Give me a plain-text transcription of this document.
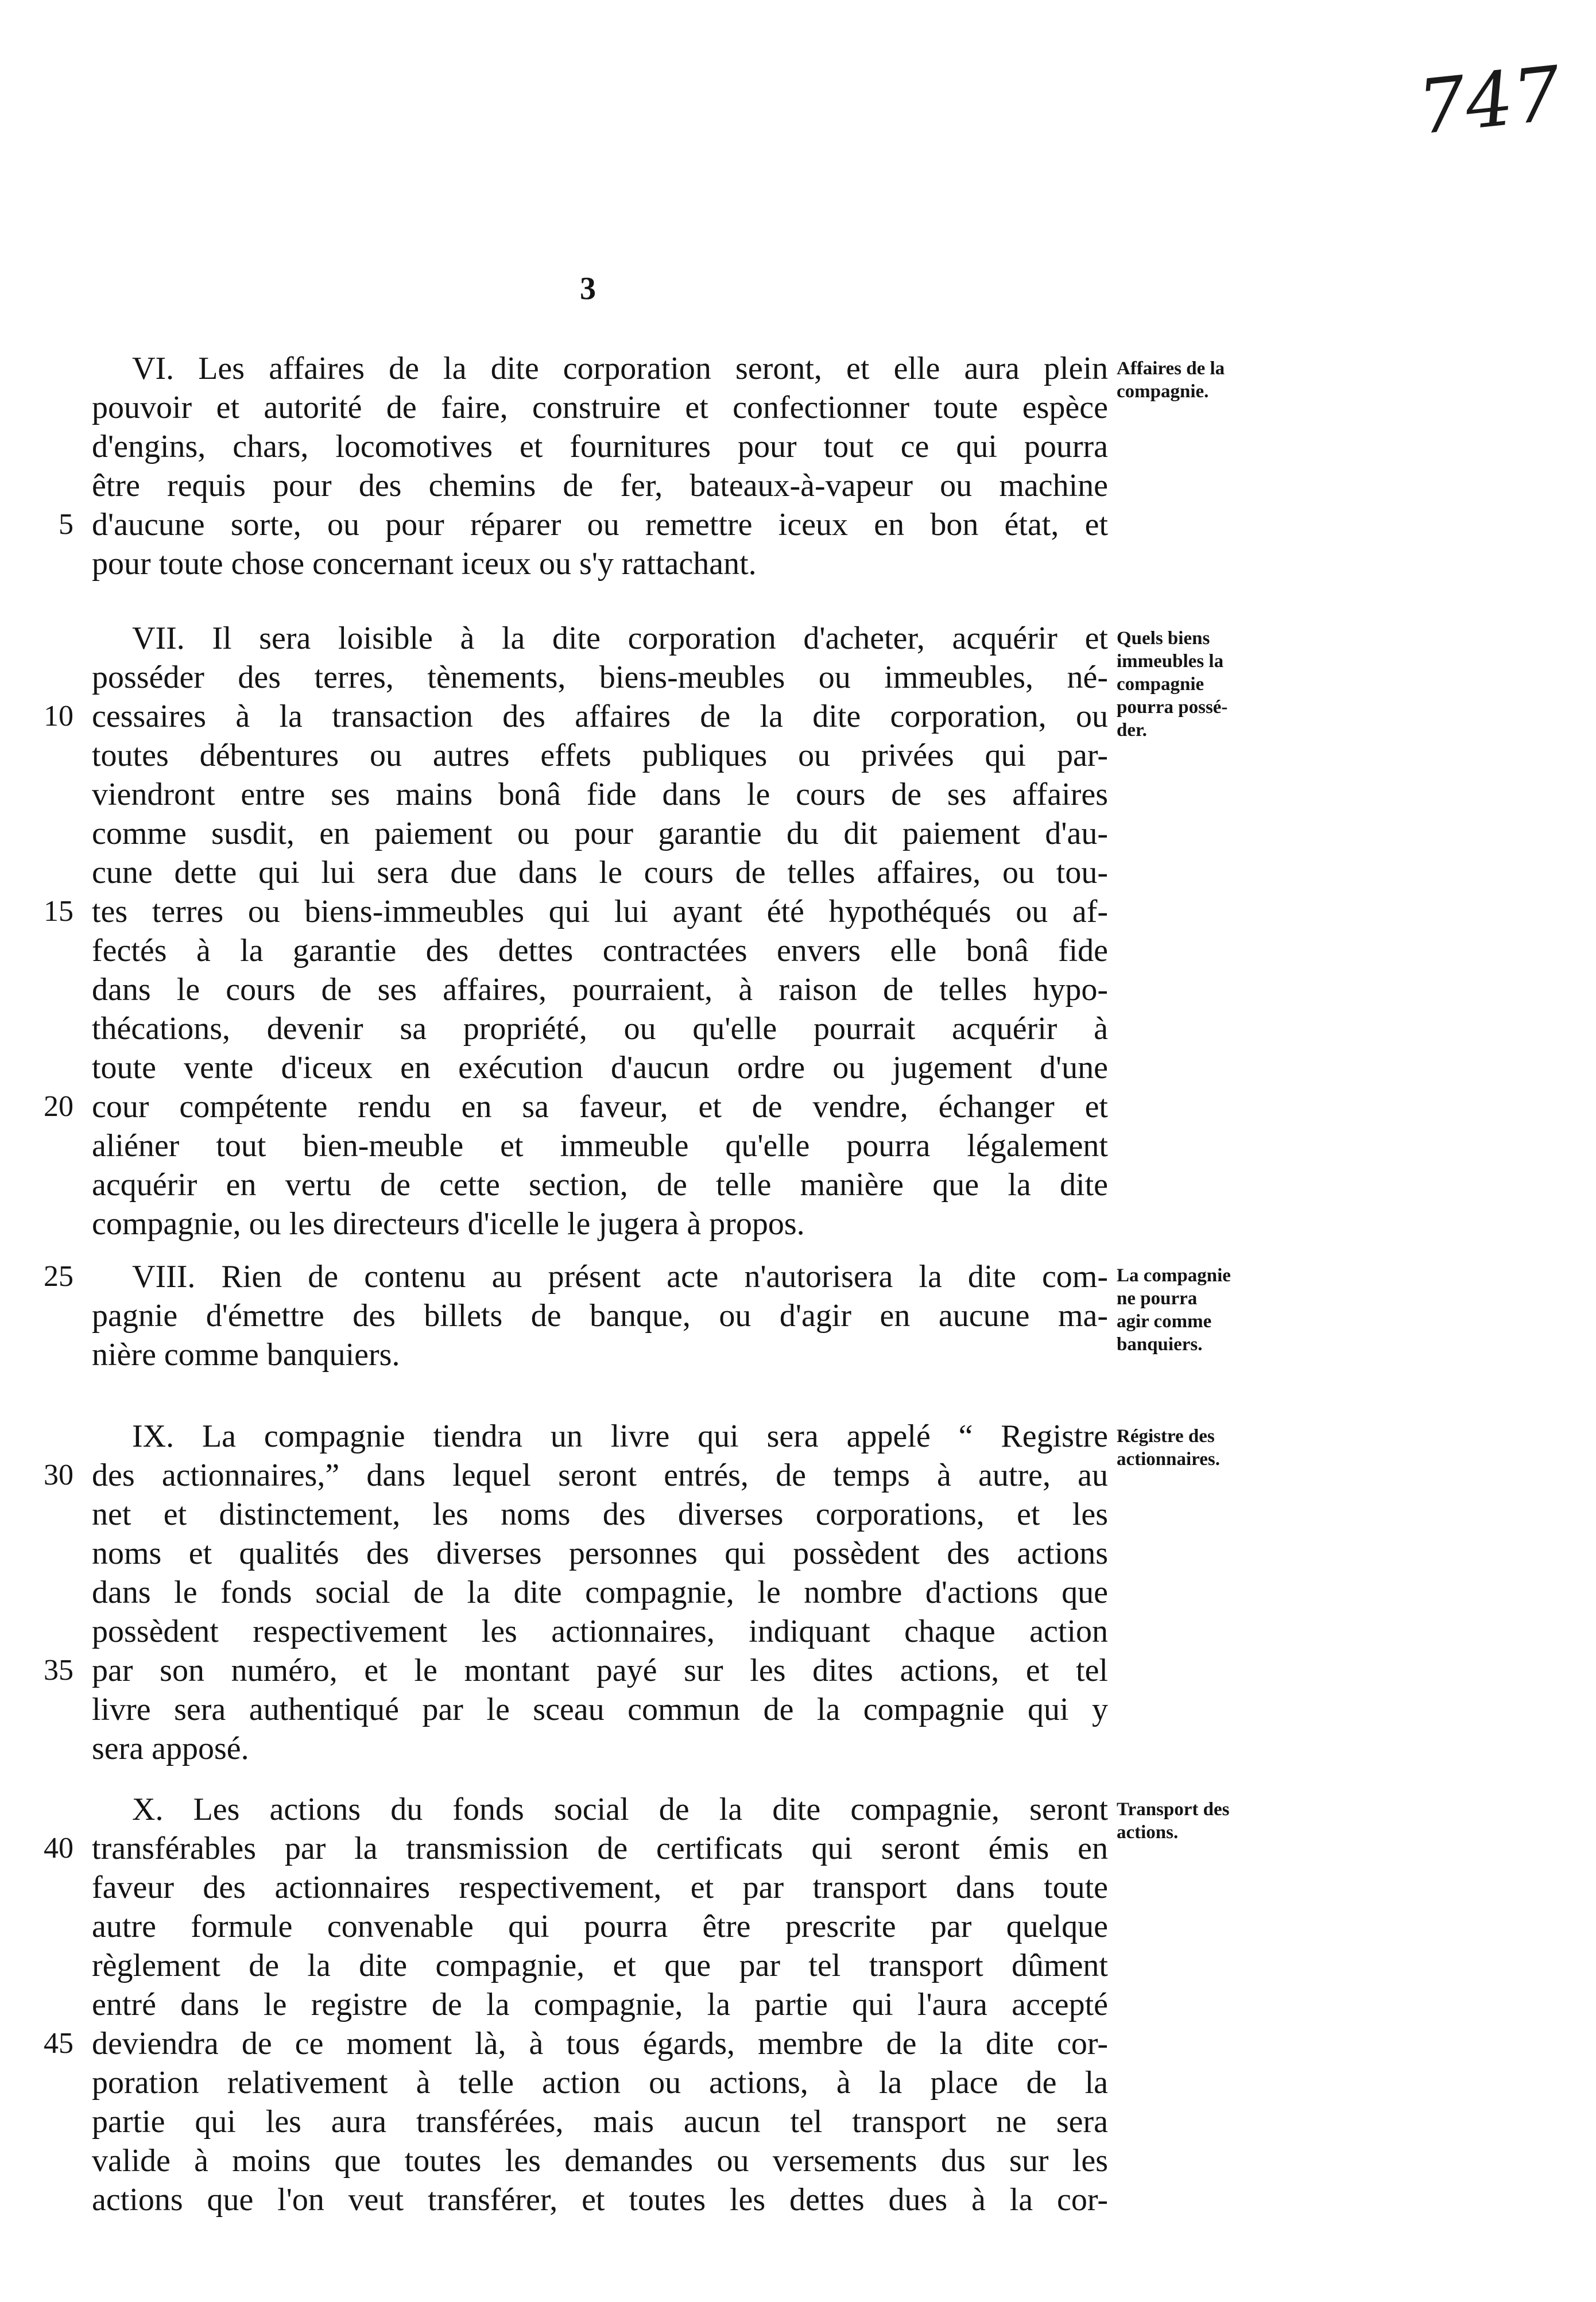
747
3
VI. Les affaires de la dite corporation seront, et elle aura plein
pouvoir et autorité de faire, construire et confectionner toute espèce
d'engins, chars, locomotives et fournitures pour tout ce qui pourra
être requis pour des chemins de fer, bateaux-à-vapeur ou machine
d'aucune sorte, ou pour réparer ou remettre iceux en bon état, et
5
pour toute chose concernant iceux ou s'y rattachant.
VII. Il sera loisible à la dite corporation d'acheter, acquérir et
posséder des terres, tènements, biens-meubles ou immeubles, né-
cessaires à la transaction des affaires de la dite corporation, ou
10
toutes débentures ou autres effets publiques ou privées qui par-
viendront entre ses mains bonâ fide dans le cours de ses affaires
comme susdit, en paiement ou pour garantie du dit paiement d'au-
cune dette qui lui sera due dans le cours de telles affaires, ou tou-
tes terres ou biens-immeubles qui lui ayant été hypothéqués ou af-
15
fectés à la garantie des dettes contractées envers elle bonâ fide
dans le cours de ses affaires, pourraient, à raison de telles hypo-
thécations, devenir sa propriété, ou qu'elle pourrait acquérir à
toute vente d'iceux en exécution d'aucun ordre ou jugement d'une
cour compétente rendu en sa faveur, et de vendre, échanger et
20
aliéner tout bien-meuble et immeuble qu'elle pourra légalement
acquérir en vertu de cette section, de telle manière que la dite
compagnie, ou les directeurs d'icelle le jugera à propos.
VIII. Rien de contenu au présent acte n'autorisera la dite com-
25
pagnie d'émettre des billets de banque, ou d'agir en aucune ma-
nière comme banquiers.
IX. La compagnie tiendra un livre qui sera appelé “ Registre
des actionnaires,” dans lequel seront entrés, de temps à autre, au
30
net et distinctement, les noms des diverses corporations, et les
noms et qualités des diverses personnes qui possèdent des actions
dans le fonds social de la dite compagnie, le nombre d'actions que
possèdent respectivement les actionnaires, indiquant chaque action
par son numéro, et le montant payé sur les dites actions, et tel
35
livre sera authentiqué par le sceau commun de la compagnie qui y
sera apposé.
X. Les actions du fonds social de la dite compagnie, seront
transférables par la transmission de certificats qui seront émis en
40
faveur des actionnaires respectivement, et par transport dans toute
autre formule convenable qui pourra être prescrite par quelque
règlement de la dite compagnie, et que par tel transport dûment
entré dans le registre de la compagnie, la partie qui l'aura accepté
deviendra de ce moment là, à tous égards, membre de la dite cor-
45
poration relativement à telle action ou actions, à la place de la
partie qui les aura transférées, mais aucun tel transport ne sera
valide à moins que toutes les demandes ou versements dus sur les
actions que l'on veut transférer, et toutes les dettes dues à la cor-
Affaires de la
compagnie.
Quels biens
immeubles la
compagnie
pourra possé-
der.
La compagnie
ne pourra
agir comme
banquiers.
Régistre des
actionnaires.
Transport des
actions.
